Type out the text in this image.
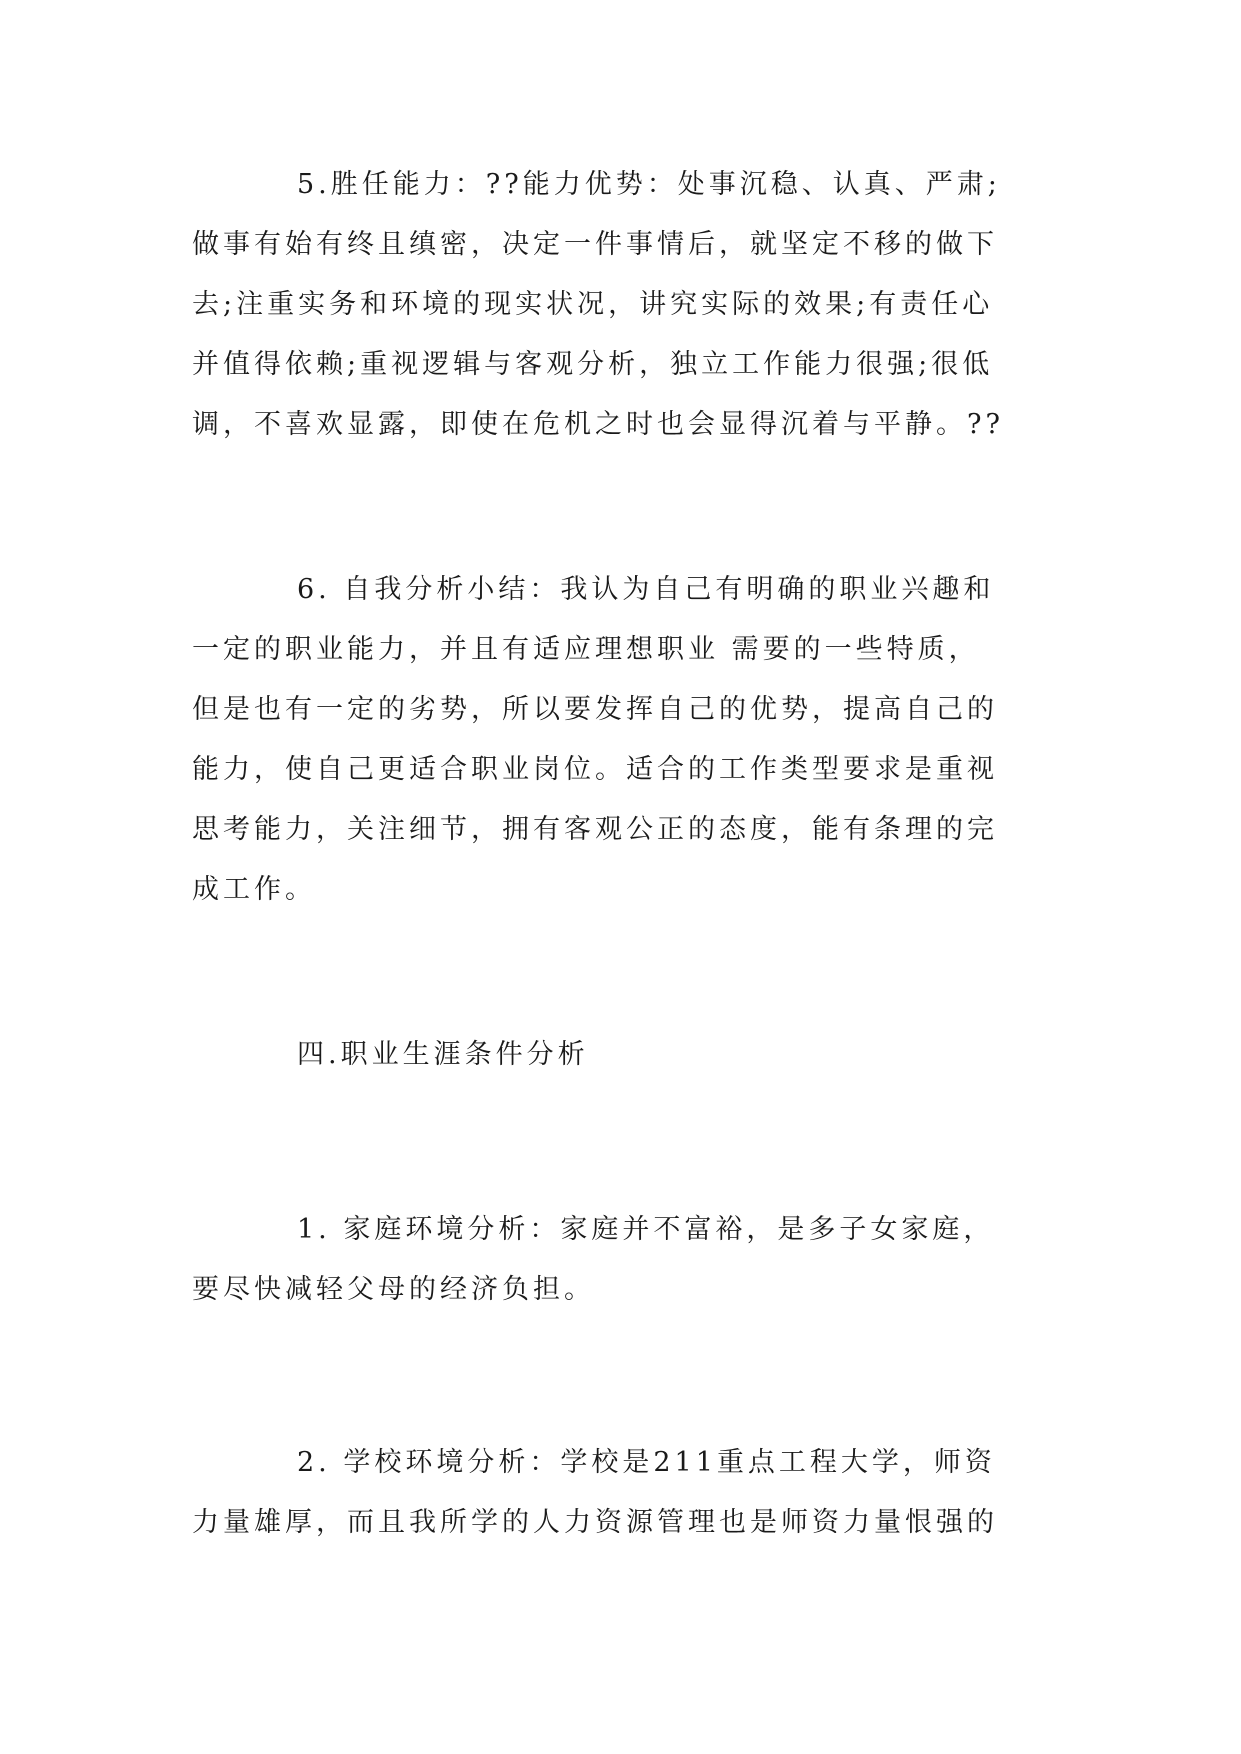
5.胜任能力：??能力优势：处事沉稳、认真、严肃;
做事有始有终且缜密，决定一件事情后，就坚定不移的做下
去;注重实务和环境的现实状况，讲究实际的效果;有责任心
并值得依赖;重视逻辑与客观分析，独立工作能力很强;很低
调，不喜欢显露，即使在危机之时也会显得沉着与平静。??
6. 自我分析小结：我认为自己有明确的职业兴趣和
一定的职业能力，并且有适应理想职业 需要的一些特质，
但是也有一定的劣势，所以要发挥自己的优势，提高自己的
能力，使自己更适合职业岗位。适合的工作类型要求是重视
思考能力，关注细节，拥有客观公正的态度，能有条理的完
成工作。
四.职业生涯条件分析
1. 家庭环境分析：家庭并不富裕，是多子女家庭，
要尽快减轻父母的经济负担。
2. 学校环境分析：学校是211重点工程大学，师资
力量雄厚，而且我所学的人力资源管理也是师资力量恨强的
